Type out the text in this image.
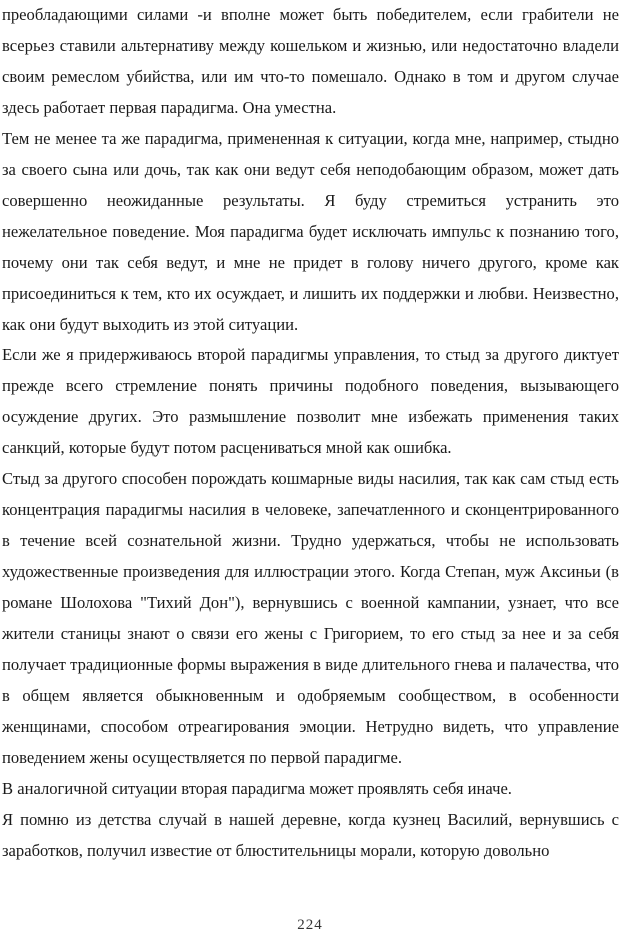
преобладающими силами -и вполне может быть победителем, если грабители не всерьез ставили альтернативу между кошельком и жизнью, или недостаточно владели своим ремеслом убийства, или им что-то помешало. Однако в том и другом случае здесь работает первая парадигма. Она уместна.

Тем не менее та же парадигма, примененная к ситуации, когда мне, например, стыдно за своего сына или дочь, так как они ведут себя неподобающим образом, может дать совершенно неожиданные результаты. Я буду стремиться устранить это нежелательное поведение. Моя парадигма будет исключать импульс к познанию того, почему они так себя ведут, и мне не придет в голову ничего другого, кроме как присоединиться к тем, кто их осуждает, и лишить их поддержки и любви. Неизвестно, как они будут выходить из этой ситуации.

Если же я придерживаюсь второй парадигмы управления, то стыд за другого диктует прежде всего стремление понять причины подобного поведения, вызывающего осуждение других. Это размышление позволит мне избежать применения таких санкций, которые будут потом расцениваться мной как ошибка.

Стыд за другого способен порождать кошмарные виды насилия, так как сам стыд есть концентрация парадигмы насилия в человеке, запечатленного и сконцентрированного в течение всей сознательной жизни. Трудно удержаться, чтобы не использовать художественные произведения для иллюстрации этого. Когда Степан, муж Аксиньи (в романе Шолохова "Тихий Дон"), вернувшись с военной кампании, узнает, что все жители станицы знают о связи его жены с Григорием, то его стыд за нее и за себя получает традиционные формы выражения в виде длительного гнева и палачества, что в общем является обыкновенным и одобряемым сообществом, в особенности женщинами, способом отреагирования эмоции. Нетрудно видеть, что управление поведением жены осуществляется по первой парадигме.

В аналогичной ситуации вторая парадигма может проявлять себя иначе.

Я помню из детства случай в нашей деревне, когда кузнец Василий, вернувшись с заработков, получил известие от блюстительницы морали, которую довольно

224
